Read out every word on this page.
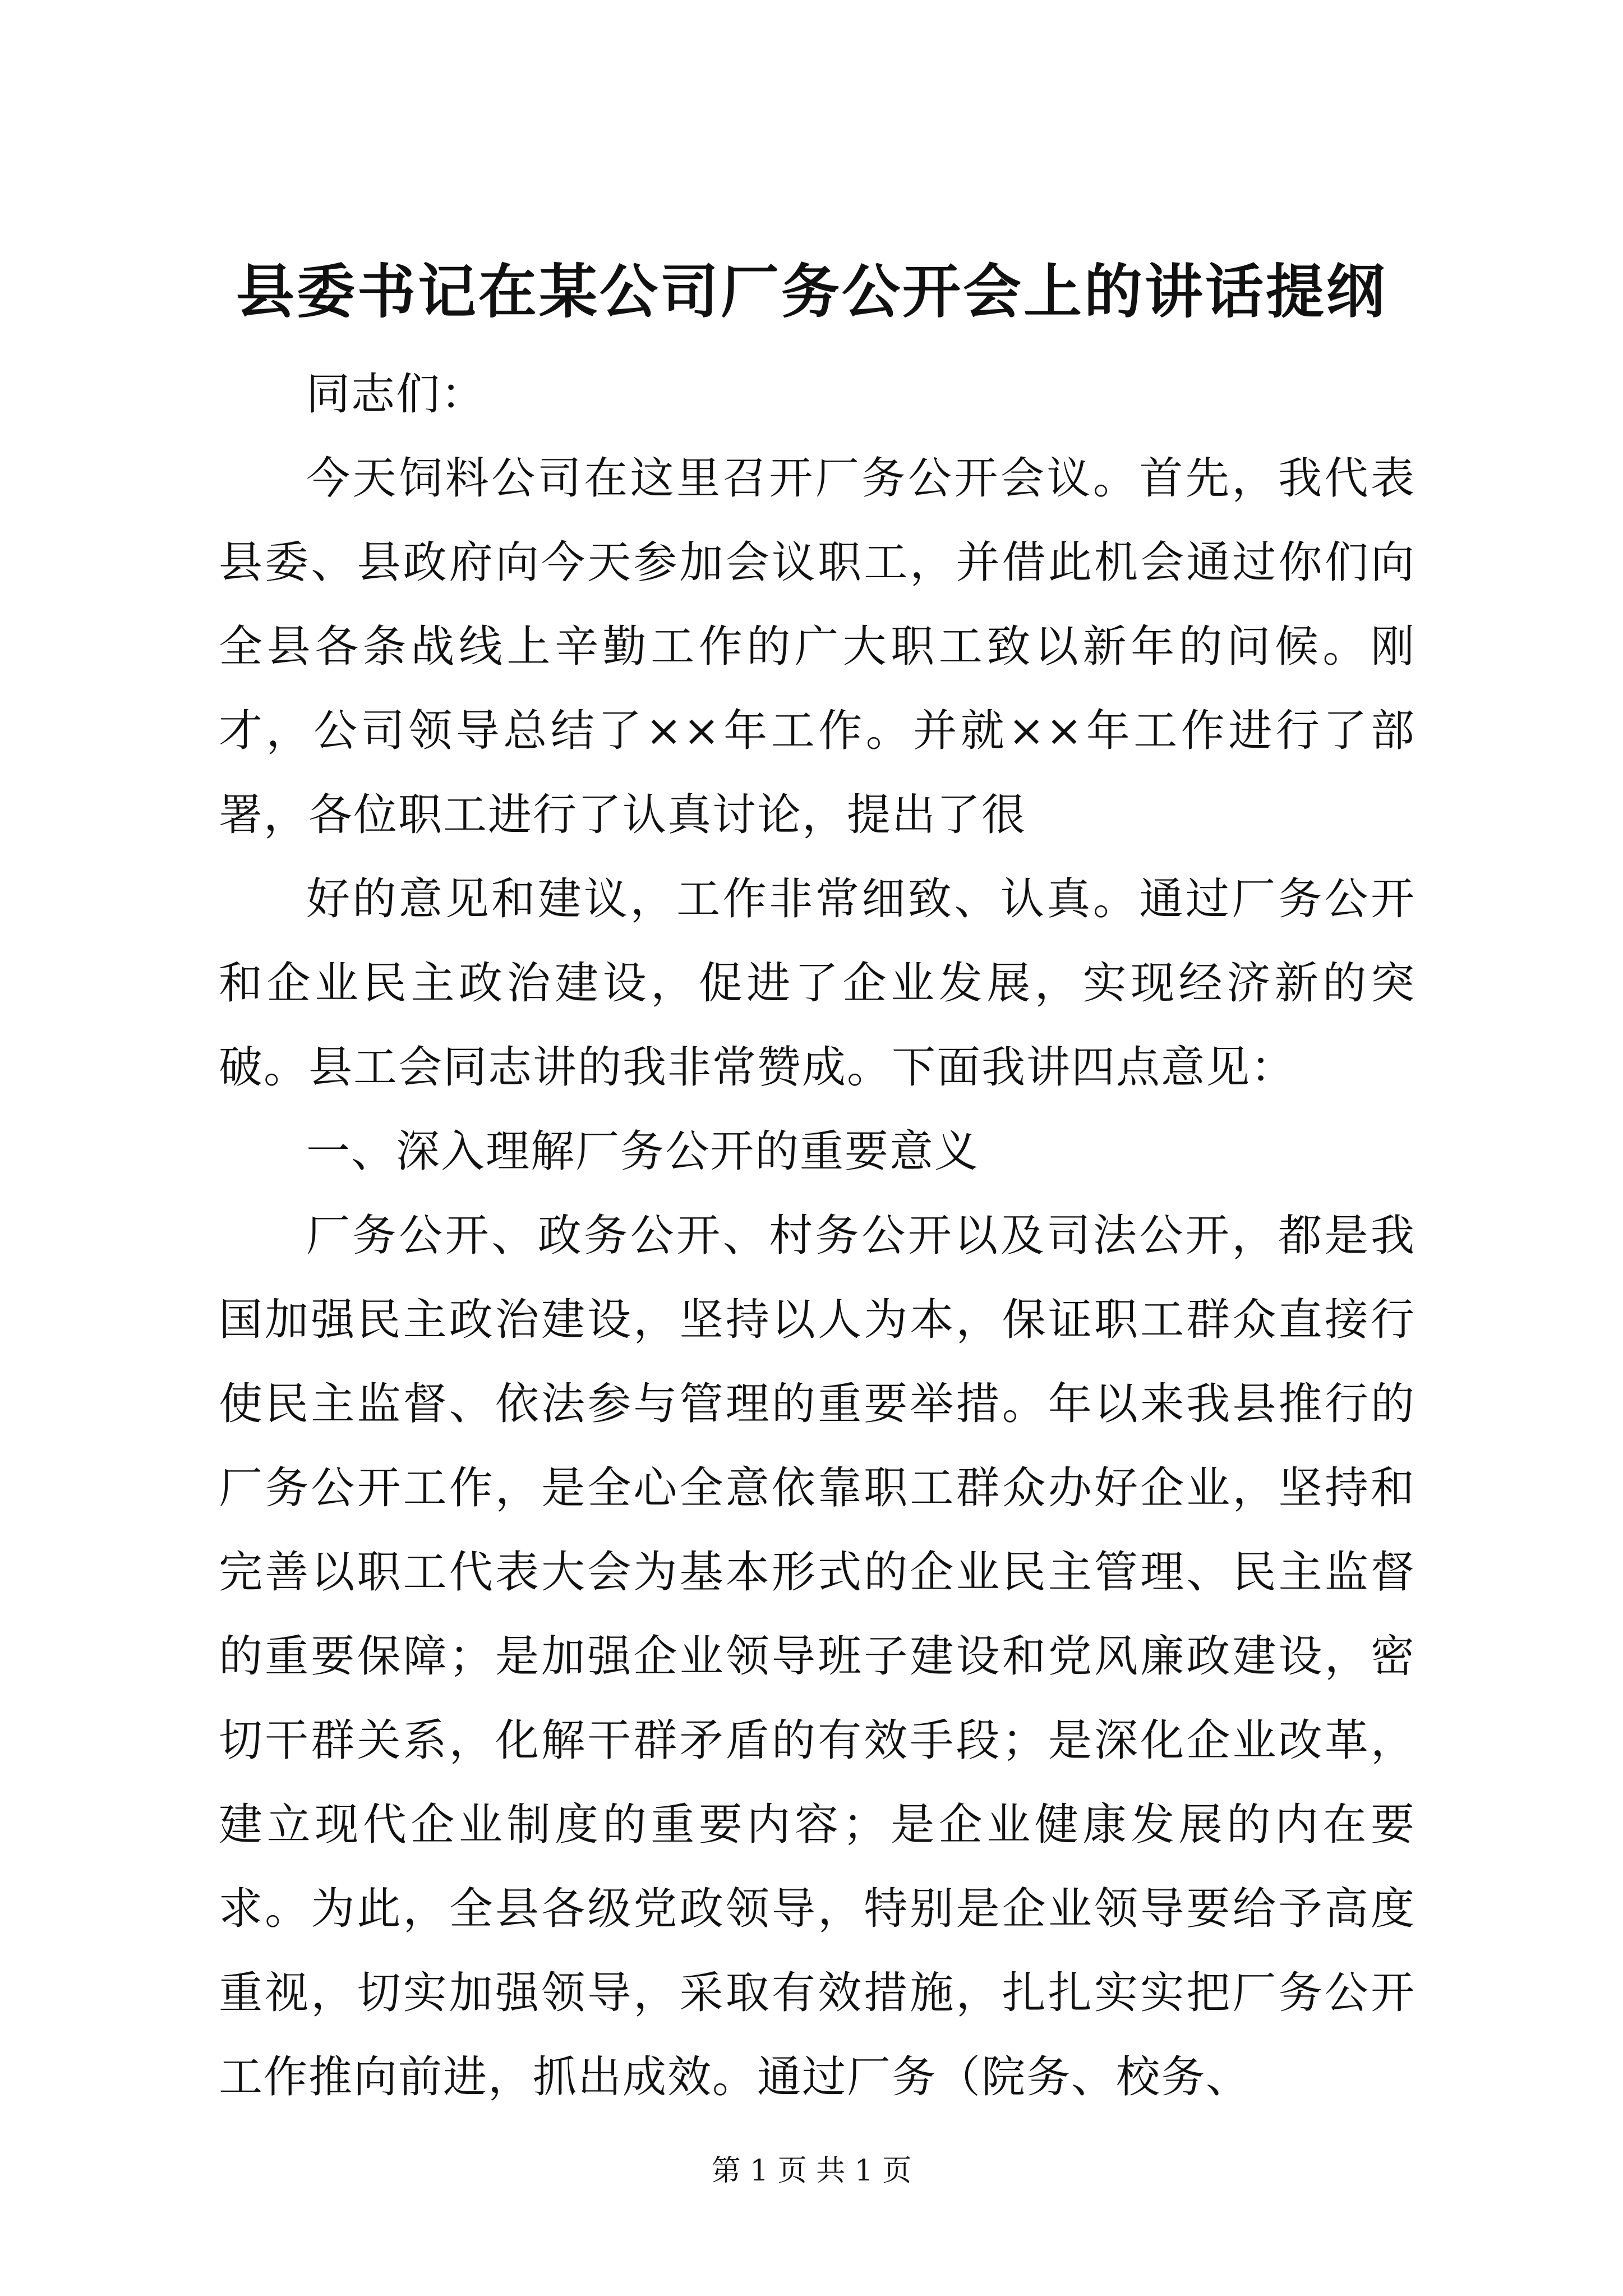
县委书记在某公司厂务公开会上的讲话提纲

同志们：

今天饲料公司在这里召开厂务公开会议。首先，我代表县委、县政府向今天参加会议职工，并借此机会通过你们向全县各条战线上辛勤工作的广大职工致以新年的问候。刚才，公司领导总结了××年工作。并就××年工作进行了部署，各位职工进行了认真讨论，提出了很

好的意见和建议，工作非常细致、认真。通过厂务公开和企业民主政治建设，促进了企业发展，实现经济新的突破。县工会同志讲的我非常赞成。下面我讲四点意见：

一、深入理解厂务公开的重要意义

厂务公开、政务公开、村务公开以及司法公开，都是我国加强民主政治建设，坚持以人为本，保证职工群众直接行使民主监督、依法参与管理的重要举措。年以来我县推行的厂务公开工作，是全心全意依靠职工群众办好企业，坚持和完善以职工代表大会为基本形式的企业民主管理、民主监督的重要保障；是加强企业领导班子建设和党风廉政建设，密切干群关系，化解干群矛盾的有效手段；是深化企业改革，建立现代企业制度的重要内容；是企业健康发展的内在要求。为此，全县各级党政领导，特别是企业领导要给予高度重视，切实加强领导，采取有效措施，扎扎实实把厂务公开工作推向前进，抓出成效。通过厂务（院务、校务、

第 1 页 共 1 页
